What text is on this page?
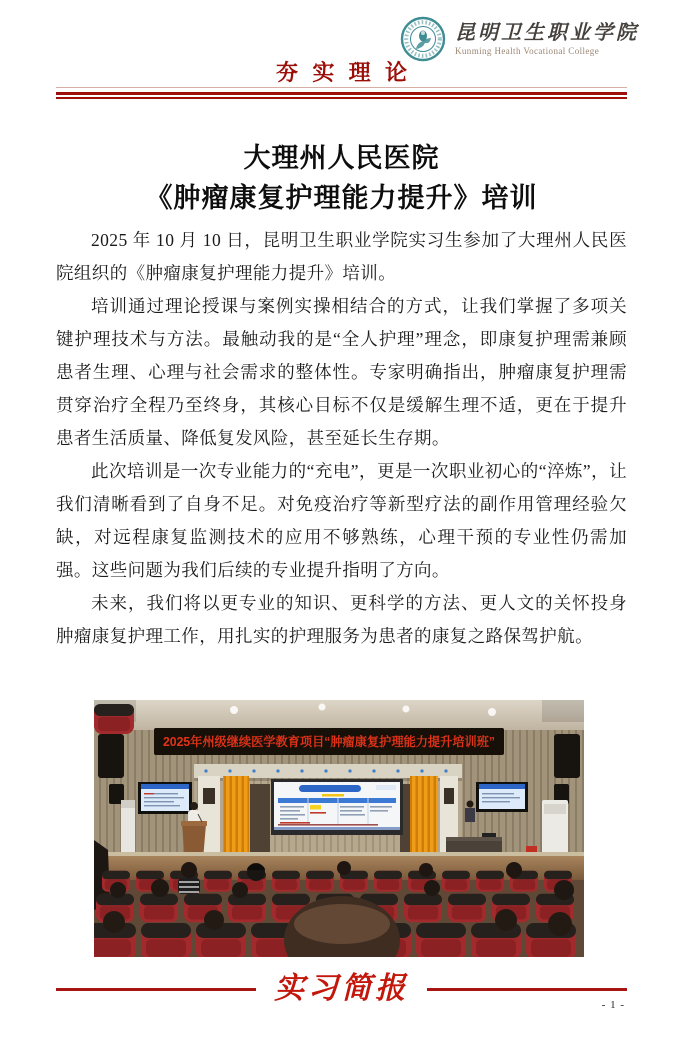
昆明卫生职业学院
Kunming Health Vocational College
夯实理论
大理州人民医院
《肿瘤康复护理能力提升》培训

2025 年 10 月 10 日，昆明卫生职业学院实习生参加了大理州人民医院组织的《肿瘤康复护理能力提升》培训。

培训通过理论授课与案例实操相结合的方式，让我们掌握了多项关键护理技术与方法。最触动我的是“全人护理”理念，即康复护理需兼顾患者生理、心理与社会需求的整体性。专家明确指出，肿瘤康复护理需贯穿治疗全程乃至终身，其核心目标不仅是缓解生理不适，更在于提升患者生活质量、降低复发风险，甚至延长生存期。

此次培训是一次专业能力的“充电”，更是一次职业初心的“淬炼”，让我们清晰看到了自身不足。对免疫治疗等新型疗法的副作用管理经验欠缺，对远程康复监测技术的应用不够熟练，心理干预的专业性仍需加强。这些问题为我们后续的专业提升指明了方向。

未来，我们将以更专业的知识、更科学的方法、更人文的关怀投身肿瘤康复护理工作，用扎实的护理服务为患者的康复之路保驾护航。

2025年州级继续医学教育项目“肿瘤康复护理能力提升培训班”
实习简报	- 1 -
